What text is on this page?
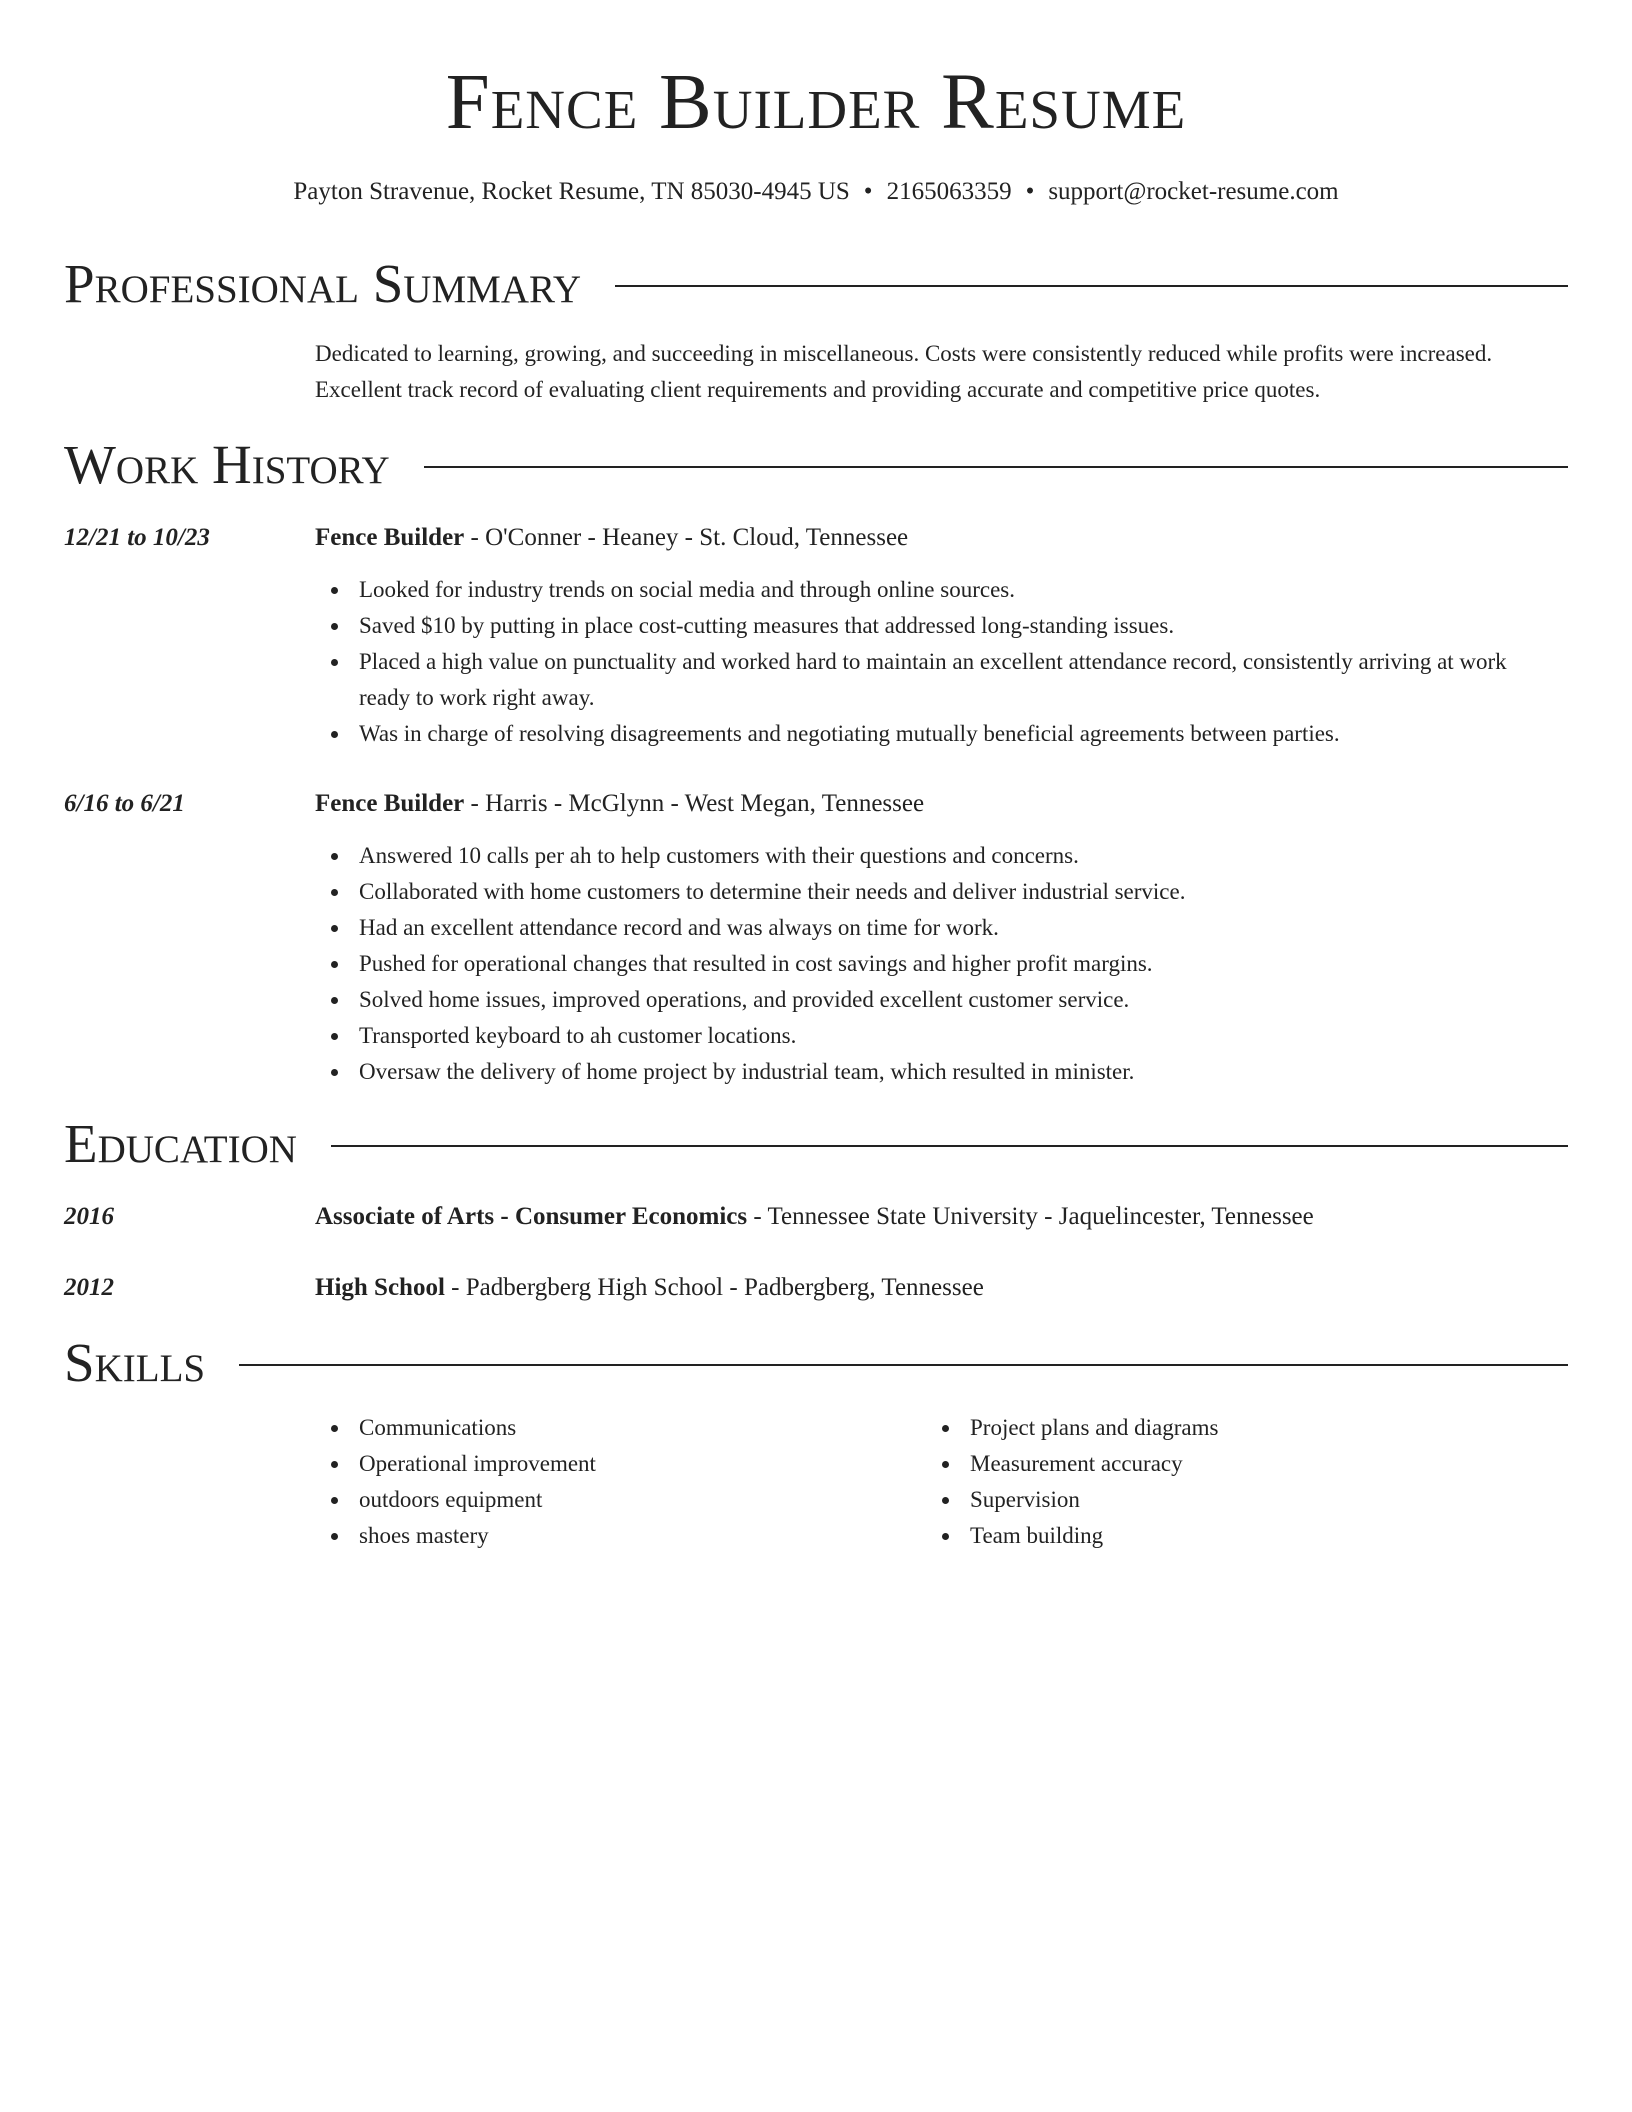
Fence Builder Resume
Payton Stravenue, Rocket Resume, TN 85030-4945 US • 2165063359 • support@rocket-resume.com
Professional Summary

Dedicated to learning, growing, and succeeding in miscellaneous. Costs were consistently reduced while profits were increased. Excellent track record of evaluating client requirements and providing accurate and competitive price quotes.

Work History
12/21 to 10/23	Fence Builder - O'Conner - Heaney - St. Cloud, Tennessee
Looked for industry trends on social media and through online sources.
Saved $10 by putting in place cost-cutting measures that addressed long-standing issues.
Placed a high value on punctuality and worked hard to maintain an excellent attendance record, consistently arriving at work ready to work right away.
Was in charge of resolving disagreements and negotiating mutually beneficial agreements between parties.
6/16 to 6/21	Fence Builder - Harris - McGlynn - West Megan, Tennessee
Answered 10 calls per ah to help customers with their questions and concerns.
Collaborated with home customers to determine their needs and deliver industrial service.
Had an excellent attendance record and was always on time for work.
Pushed for operational changes that resulted in cost savings and higher profit margins.
Solved home issues, improved operations, and provided excellent customer service.
Transported keyboard to ah customer locations.
Oversaw the delivery of home project by industrial team, which resulted in minister.
Education
2016	Associate of Arts - Consumer Economics - Tennessee State University - Jaquelincester, Tennessee
2012	High School - Padbergberg High School - Padbergberg, Tennessee
Skills
Communications
Operational improvement
outdoors equipment
shoes mastery
Project plans and diagrams
Measurement accuracy
Supervision
Team building
